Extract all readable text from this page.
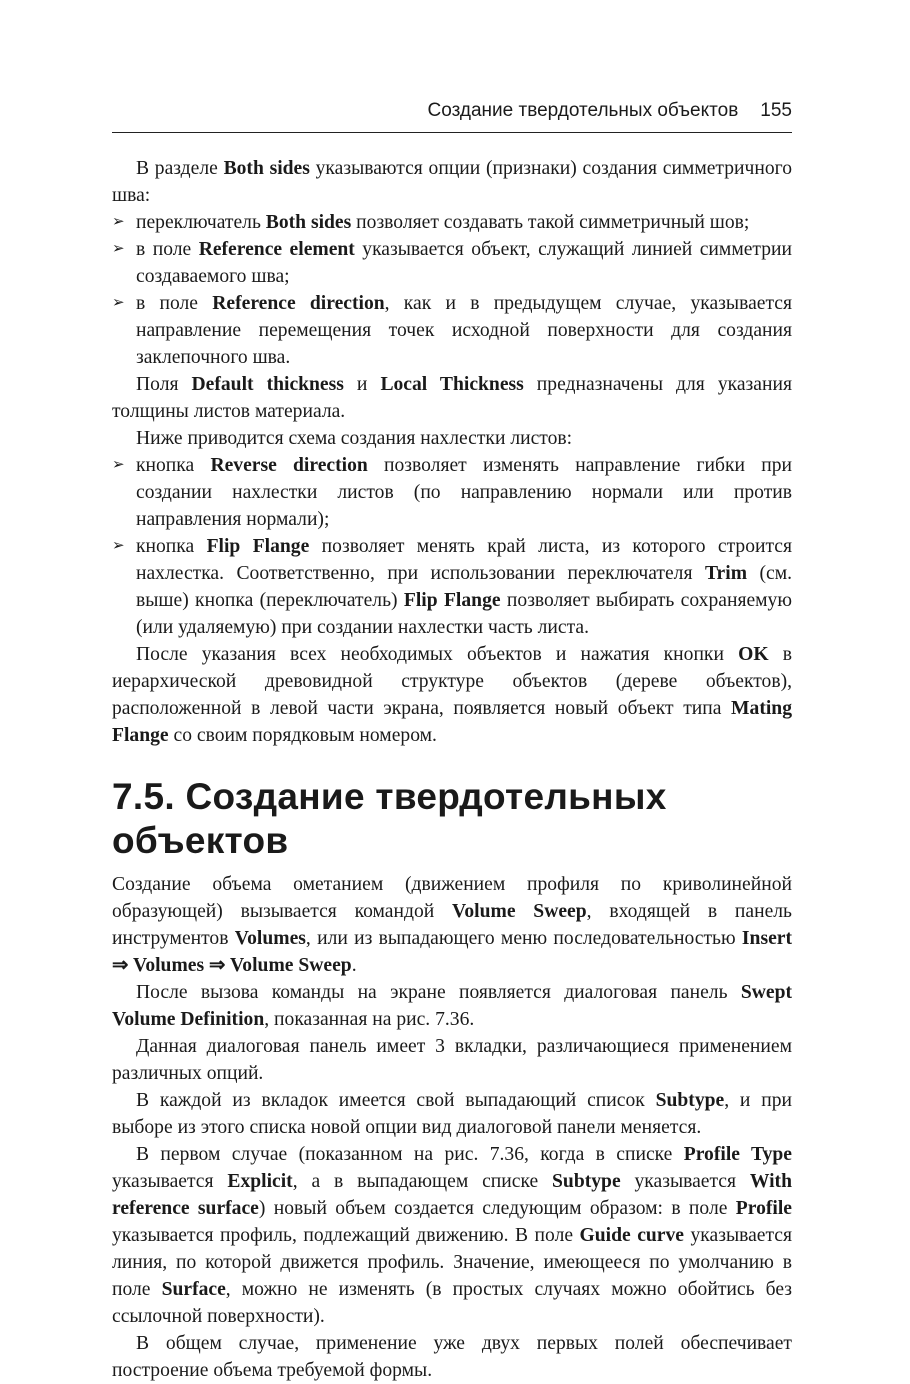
Создание твердотельных объектов 155
В разделе Both sides указываются опции (признаки) создания симметричного шва:
➢ переключатель Both sides позволяет создавать такой симметричный шов;
➢ в поле Reference element указывается объект, служащий линией симметрии создаваемого шва;
➢ в поле Reference direction, как и в предыдущем случае, указывается направление перемещения точек исходной поверхности для создания заклепочного шва.
Поля Default thickness и Local Thickness предназначены для указания толщины листов материала.
Ниже приводится схема создания нахлестки листов:
➢ кнопка Reverse direction позволяет изменять направление гибки при создании нахлестки листов (по направлению нормали или против направления нормали);
➢ кнопка Flip Flange позволяет менять край листа, из которого строится нахлестка. Соответственно, при использовании переключателя Trim (см. выше) кнопка (переключатель) Flip Flange позволяет выбирать сохраняемую (или удаляемую) при создании нахлестки часть листа.
После указания всех необходимых объектов и нажатия кнопки OK в иерархической древовидной структуре объектов (дереве объектов), расположенной в левой части экрана, появляется новый объект типа Mating Flange со своим порядковым номером.
7.5. Создание твердотельных объектов
Создание объема ометанием (движением профиля по криволинейной образующей) вызывается командой Volume Sweep, входящей в панель инструментов Volumes, или из выпадающего меню последовательностью Insert ⇒ Volumes ⇒ Volume Sweep.
После вызова команды на экране появляется диалоговая панель Swept Volume Definition, показанная на рис. 7.36.
Данная диалоговая панель имеет 3 вкладки, различающиеся применением различных опций.
В каждой из вкладок имеется свой выпадающий список Subtype, и при выборе из этого списка новой опции вид диалоговой панели меняется.
В первом случае (показанном на рис. 7.36, когда в списке Profile Type указывается Explicit, а в выпадающем списке Subtype указывается With reference surface) новый объем создается следующим образом: в поле Profile указывается профиль, подлежащий движению. В поле Guide curve указывается линия, по которой движется профиль. Значение, имеющееся по умолчанию в поле Surface, можно не изменять (в простых случаях можно обойтись без ссылочной поверхности).
В общем случае, применение уже двух первых полей обеспечивает построение объема требуемой формы.
